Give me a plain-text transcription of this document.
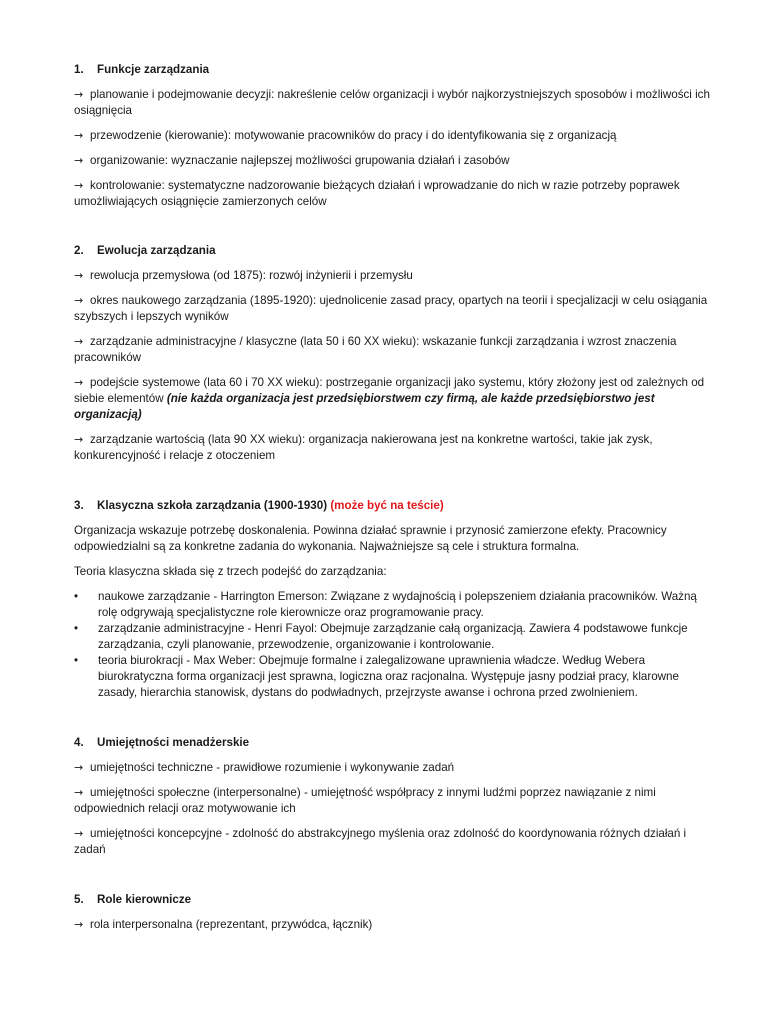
1. Funkcje zarządzania

→ planowanie i podejmowanie decyzji: nakreślenie celów organizacji i wybór najkorzystniejszych sposobów i możliwości ich osiągnięcia

→ przewodzenie (kierowanie): motywowanie pracowników do pracy i do identyfikowania się z organizacją

→ organizowanie: wyznaczanie najlepszej możliwości grupowania działań i zasobów

→ kontrolowanie: systematyczne nadzorowanie bieżących działań i wprowadzanie do nich w razie potrzeby poprawek umożliwiających osiągnięcie zamierzonych celów

2. Ewolucja zarządzania

→ rewolucja przemysłowa (od 1875): rozwój inżynierii i przemysłu

→ okres naukowego zarządzania (1895-1920): ujednolicenie zasad pracy, opartych na teorii i specjalizacji w celu osiągania szybszych i lepszych wyników

→ zarządzanie administracyjne / klasyczne (lata 50 i 60 XX wieku): wskazanie funkcji zarządzania i wzrost znaczenia pracowników

→ podejście systemowe (lata 60 i 70 XX wieku): postrzeganie organizacji jako systemu, który złożony jest od zależnych od siebie elementów (nie każda organizacja jest przedsiębiorstwem czy firmą, ale każde przedsiębiorstwo jest organizacją)

→ zarządzanie wartością (lata 90 XX wieku): organizacja nakierowana jest na konkretne wartości, takie jak zysk, konkurencyjność i relacje z otoczeniem

3. Klasyczna szkoła zarządzania (1900-1930) (może być na teście)

Organizacja wskazuje potrzebę doskonalenia. Powinna działać sprawnie i przynosić zamierzone efekty. Pracownicy odpowiedzialni są za konkretne zadania do wykonania. Najważniejsze są cele i struktura formalna.

Teoria klasyczna składa się z trzech podejść do zarządzania:

• naukowe zarządzanie - Harrington Emerson: Związane z wydajnością i polepszeniem działania pracowników. Ważną rolę odgrywają specjalistyczne role kierownicze oraz programowanie pracy.
• zarządzanie administracyjne - Henri Fayol: Obejmuje zarządzanie całą organizacją. Zawiera 4 podstawowe funkcje zarządzania, czyli planowanie, przewodzenie, organizowanie i kontrolowanie.
• teoria biurokracji - Max Weber: Obejmuje formalne i zalegalizowane uprawnienia władcze. Według Webera biurokratyczna forma organizacji jest sprawna, logiczna oraz racjonalna. Występuje jasny podział pracy, klarowne zasady, hierarchia stanowisk, dystans do podwładnych, przejrzyste awanse i ochrona przed zwolnieniem.

4. Umiejętności menadżerskie

→ umiejętności techniczne - prawidłowe rozumienie i wykonywanie zadań

→ umiejętności społeczne (interpersonalne) - umiejętność współpracy z innymi ludźmi poprzez nawiązanie z nimi odpowiednich relacji oraz motywowanie ich

→ umiejętności koncepcyjne - zdolność do abstrakcyjnego myślenia oraz zdolność do koordynowania różnych działań i zadań

5. Role kierownicze

→ rola interpersonalna (reprezentant, przywódca, łącznik)
